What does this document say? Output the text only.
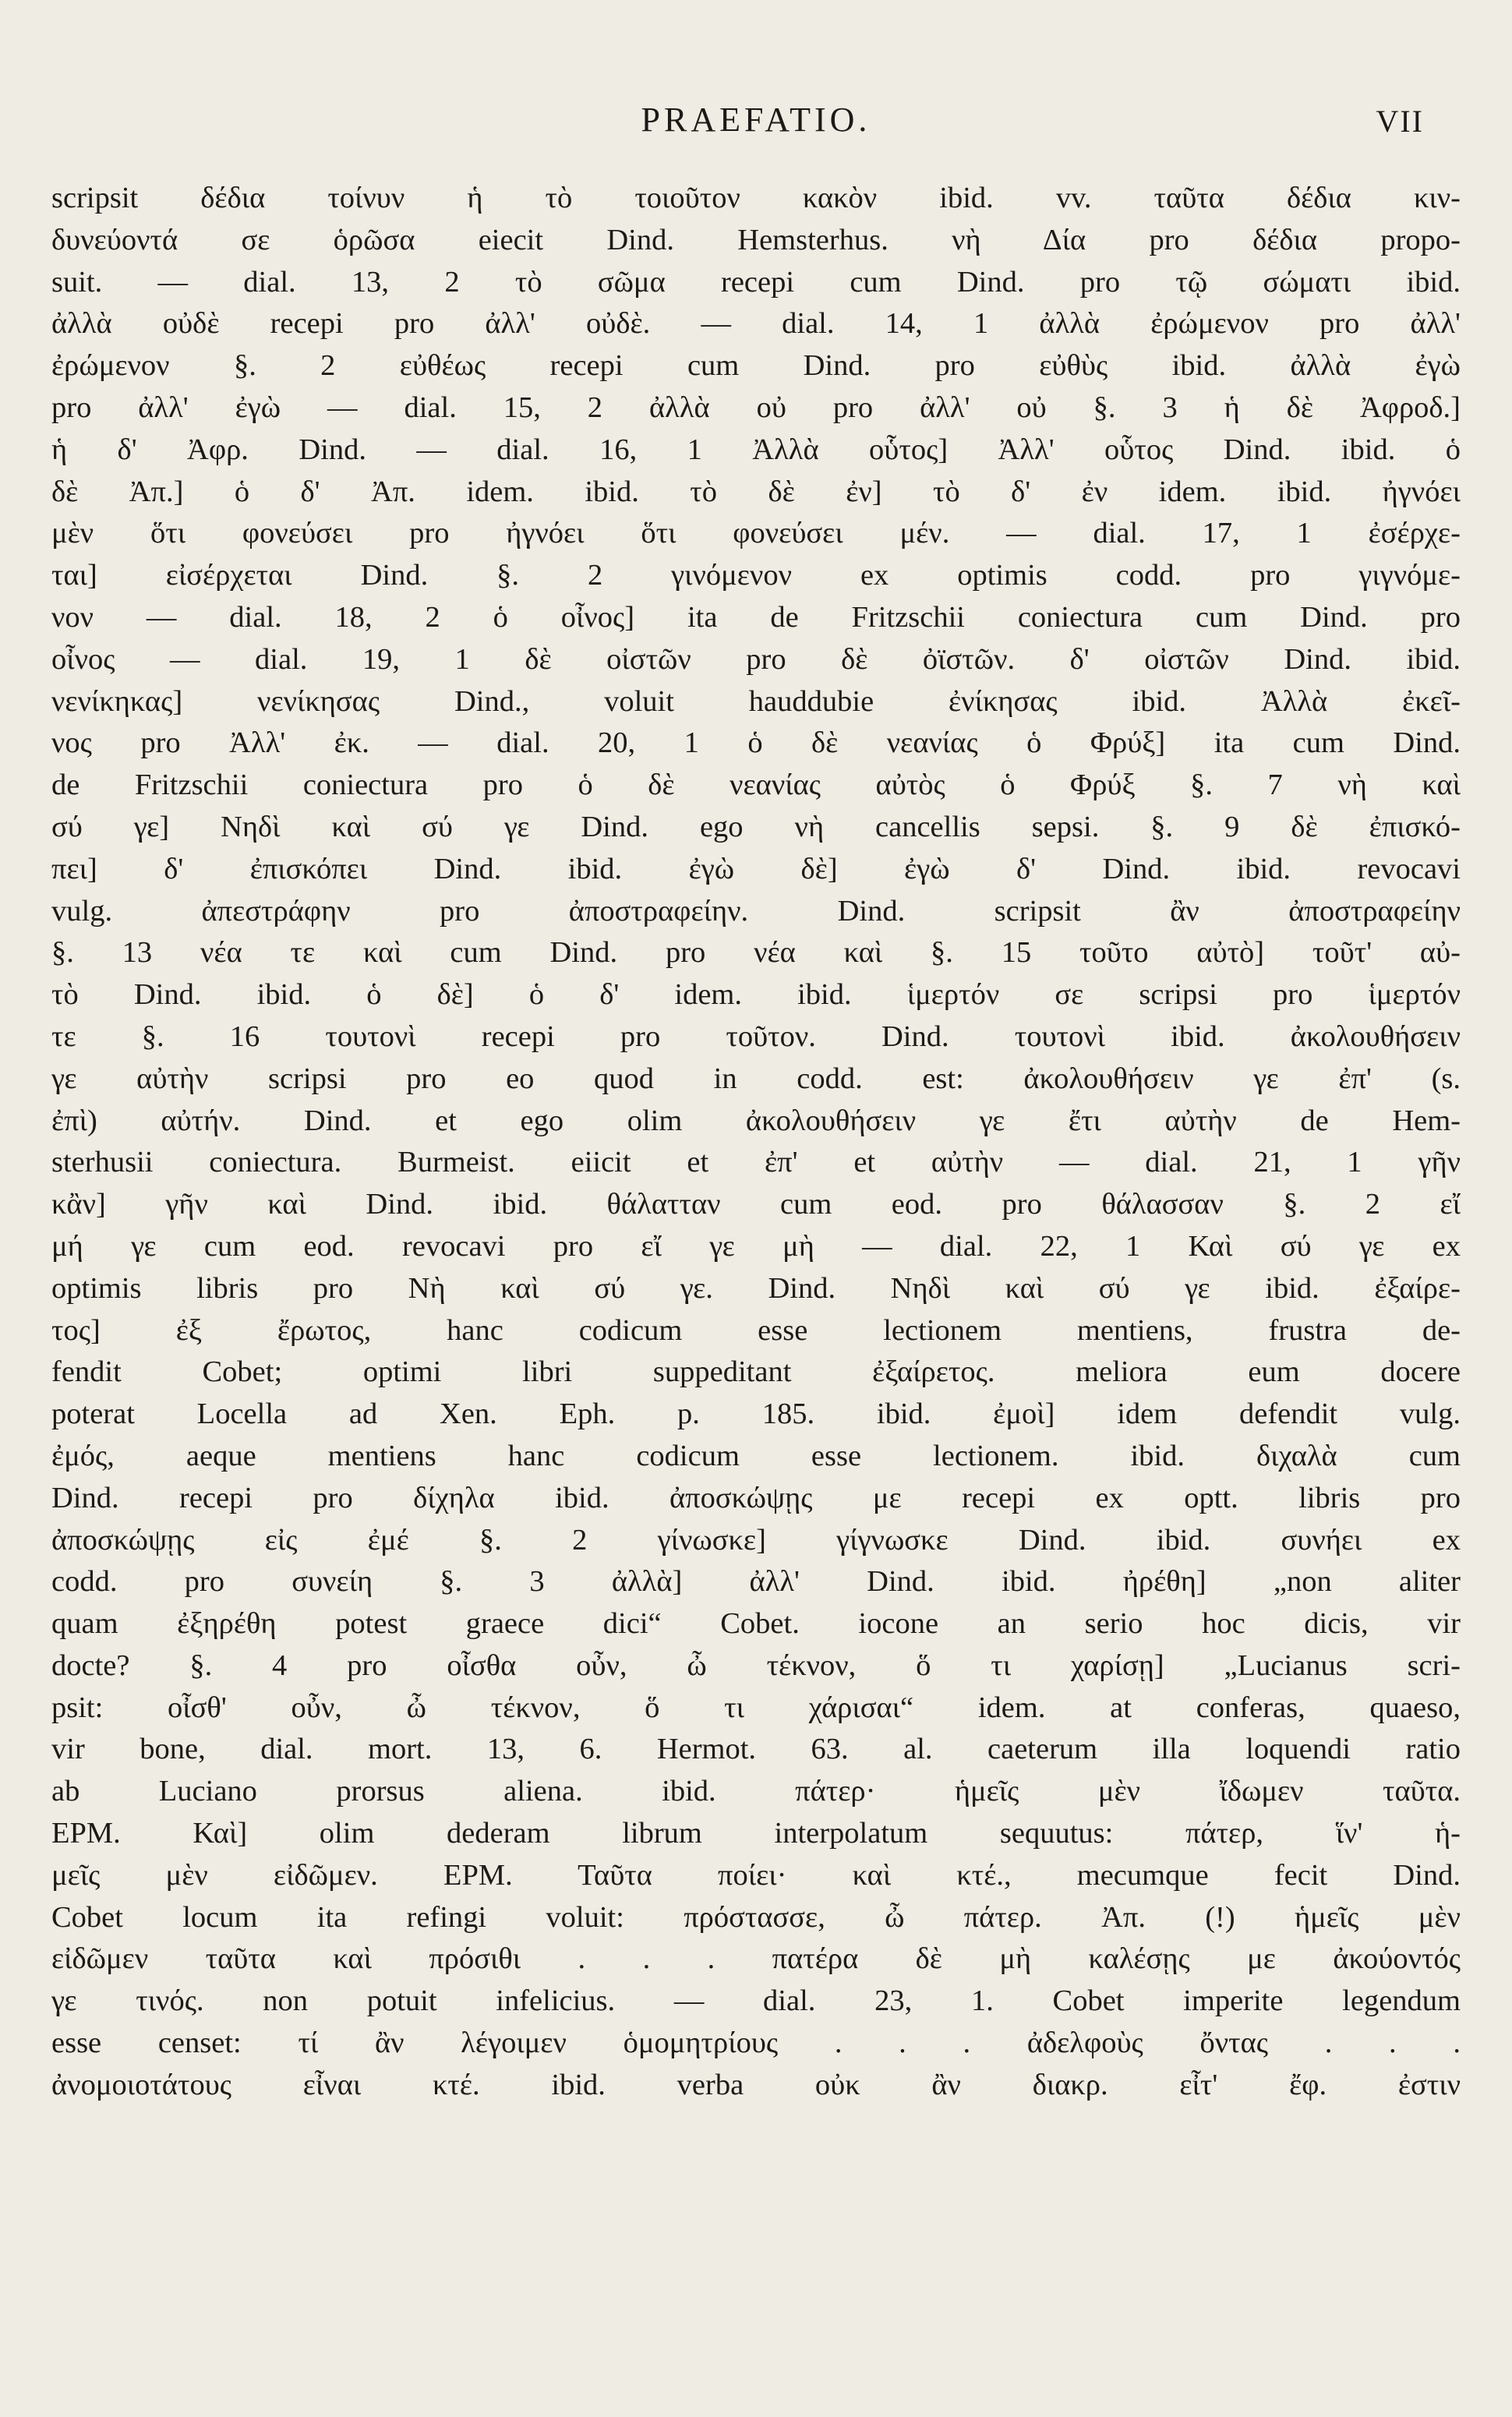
PRAEFATIO.	VII
scripsit δέδια τοίνυν ἡ τὸ τοιοῦτον κακὸν ibid. vv. ταῦτα δέδια κιν-
δυνεύοντά σε ὁρῶσα eiecit Dind. Hemsterhus. νὴ Δία pro δέδια propo-
suit. — dial. 13, 2 τὸ σῶμα recepi cum Dind. pro τῷ σώματι ibid.
ἀλλὰ οὐδὲ recepi pro ἀλλ' οὐδὲ. — dial. 14, 1 ἀλλὰ ἐρώμενον pro ἀλλ'
ἐρώμενον §. 2 εὐθέως recepi cum Dind. pro εὐθὺς ibid. ἀλλὰ ἐγὼ
pro ἀλλ' ἐγὼ — dial. 15, 2 ἀλλὰ οὐ pro ἀλλ' οὐ §. 3 ἡ δὲ Ἀφροδ.]
ἡ δ' Ἀφρ. Dind. — dial. 16, 1 Ἀλλὰ οὗτος] Ἀλλ' οὗτος Dind. ibid. ὁ
δὲ Ἀπ.] ὁ δ' Ἀπ. idem. ibid. τὸ δὲ ἐν] τὸ δ' ἐν idem. ibid. ἠγνόει
μὲν ὅτι φονεύσει pro ἠγνόει ὅτι φονεύσει μέν. — dial. 17, 1 ἐσέρχε-
ται] εἰσέρχεται Dind. §. 2 γινόμενον ex optimis codd. pro γιγνόμε-
νον — dial. 18, 2 ὁ οἶνος] ita de Fritzschii coniectura cum Dind. pro
οἶνος — dial. 19, 1 δὲ οἰστῶν pro δὲ ὀϊστῶν. δ' οἰστῶν Dind. ibid.
νενίκηκας] νενίκησας Dind., voluit hauddubie ἐνίκησας ibid. Ἀλλὰ ἐκεῖ-
νος pro Ἀλλ' ἐκ. — dial. 20, 1 ὁ δὲ νεανίας ὁ Φρύξ] ita cum Dind.
de Fritzschii coniectura pro ὁ δὲ νεανίας αὐτὸς ὁ Φρύξ §. 7 νὴ καὶ
σύ γε] Νηδὶ καὶ σύ γε Dind. ego νὴ cancellis sepsi. §. 9 δὲ ἐπισκό-
πει] δ' ἐπισκόπει Dind. ibid. ἐγὼ δὲ] ἐγὼ δ' Dind. ibid. revocavi
vulg. ἀπεστράφην pro ἀποστραφείην. Dind. scripsit ἂν ἀποστραφείην
§. 13 νέα τε καὶ cum Dind. pro νέα καὶ §. 15 τοῦτο αὐτὸ] τοῦτ' αὐ-
τὸ Dind. ibid. ὁ δὲ] ὁ δ' idem. ibid. ἱμερτόν σε scripsi pro ἱμερτόν
τε §. 16 τουτονὶ recepi pro τοῦτον. Dind. τουτονὶ ibid. ἀκολουθήσειν
γε αὐτὴν scripsi pro eo quod in codd. est: ἀκολουθήσειν γε ἐπ' (s.
ἐπὶ) αὐτήν. Dind. et ego olim ἀκολουθήσειν γε ἔτι αὐτὴν de Hem-
sterhusii coniectura. Burmeist. eiicit et ἐπ' et αὐτὴν — dial. 21, 1 γῆν
κἂν] γῆν καὶ Dind. ibid. θάλατταν cum eod. pro θάλασσαν §. 2 εἴ
μή γε cum eod. revocavi pro εἴ γε μὴ — dial. 22, 1 Καὶ σύ γε ex
optimis libris pro Νὴ καὶ σύ γε. Dind. Νηδὶ καὶ σύ γε ibid. ἐξαίρε-
τος] ἐξ ἔρωτος, hanc codicum esse lectionem mentiens, frustra de-
fendit Cobet; optimi libri suppeditant ἐξαίρετος. meliora eum docere
poterat Locella ad Xen. Eph. p. 185. ibid. ἐμοὶ] idem defendit vulg.
ἐμός, aeque mentiens hanc codicum esse lectionem. ibid. διχαλὰ cum
Dind. recepi pro δίχηλα ibid. ἀποσκώψῃς με recepi ex optt. libris pro
ἀποσκώψῃς εἰς ἐμέ §. 2 γίνωσκε] γίγνωσκε Dind. ibid. συνήει ex
codd. pro συνείη §. 3 ἀλλὰ] ἀλλ' Dind. ibid. ἠρέθη] „non aliter
quam ἐξηρέθη potest graece dici“ Cobet. iocone an serio hoc dicis, vir
docte? §. 4 pro οἶσθα οὖν, ὦ τέκνον, ὅ τι χαρίσῃ] „Lucianus scri-
psit: οἶσθ' οὖν, ὦ τέκνον, ὅ τι χάρισαι“ idem. at conferas, quaeso,
vir bone, dial. mort. 13, 6. Hermot. 63. al. caeterum illa loquendi ratio
ab Luciano prorsus aliena. ibid. πάτερ· ἡμεῖς μὲν ἴδωμεν ταῦτα.
ΕΡΜ. Καὶ] olim dederam librum interpolatum sequutus: πάτερ, ἵν' ἡ-
μεῖς μὲν εἰδῶμεν. ΕΡΜ. Ταῦτα ποίει· καὶ κτέ., mecumque fecit Dind.
Cobet locum ita refingi voluit: πρόστασσε, ὦ πάτερ. Ἀπ. (!) ἡμεῖς μὲν
εἰδῶμεν ταῦτα καὶ πρόσιθι . . . πατέρα δὲ μὴ καλέσῃς με ἀκούοντός
γε τινός. non potuit infelicius. — dial. 23, 1. Cobet imperite legendum
esse censet: τί ἂν λέγοιμεν ὁμομητρίους . . . ἀδελφοὺς ὄντας . . .
ἀνομοιοτάτους εἶναι κτέ. ibid. verba οὐκ ἂν διακρ. εἶτ' ἔφ. ἐστιν
